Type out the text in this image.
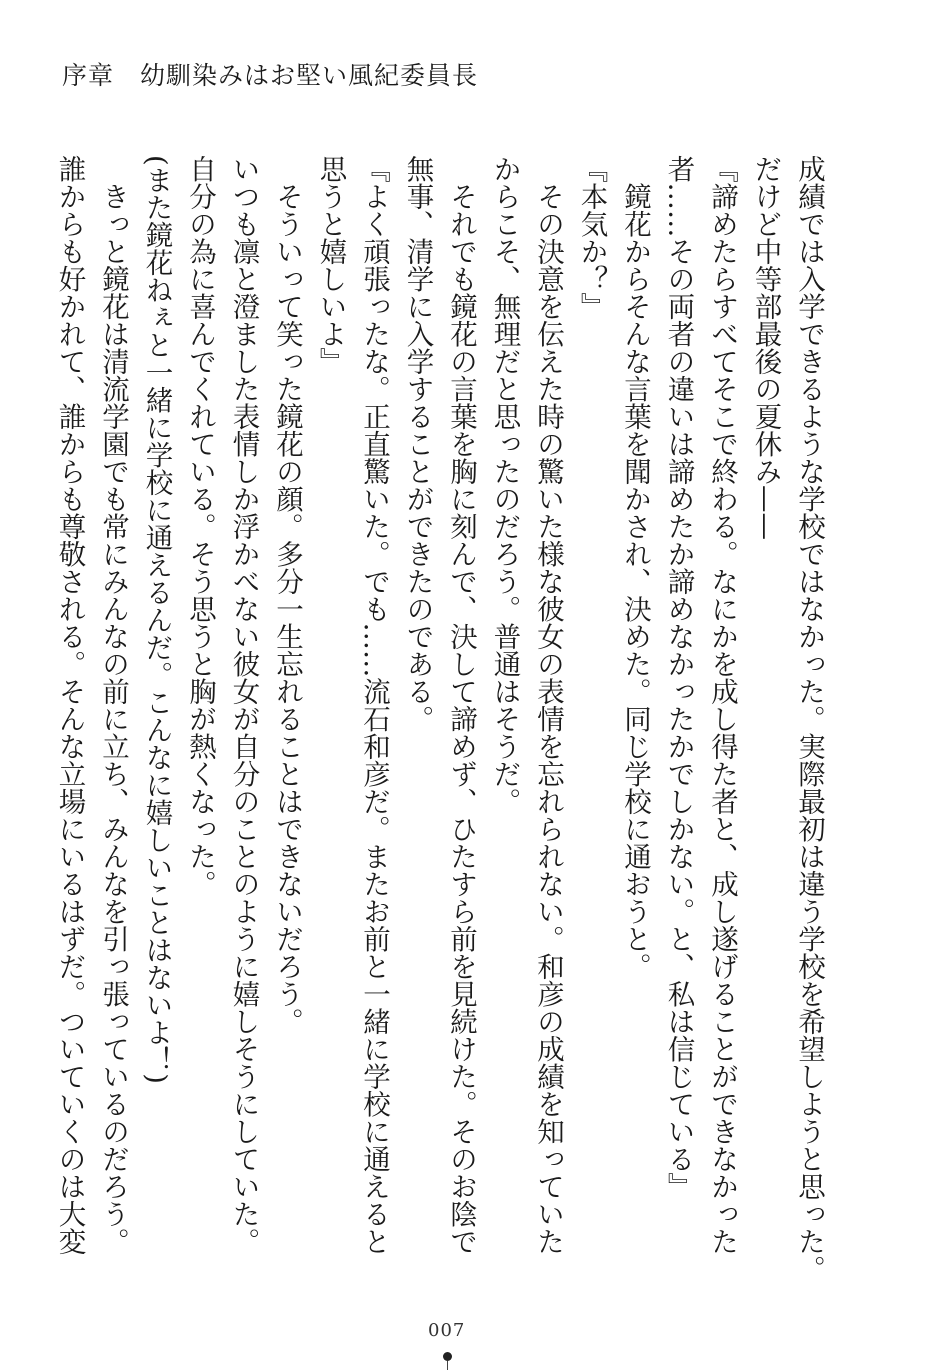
序章　幼馴染みはお堅い風紀委員長
成績では入学できるような学校ではなかった。実際最初は違う学校を希望しようと思った。
だけど中等部最後の夏休み——
『諦めたらすべてそこで終わる。なにかを成し得た者と、成し遂げることができなかった
者……その両者の違いは諦めたか諦めなかったかでしかない。と、私は信じている』
　鏡花からそんな言葉を聞かされ、決めた。同じ学校に通おうと。
『本気か？』
　その決意を伝えた時の驚いた様な彼女の表情を忘れられない。和彦の成績を知っていた
からこそ、無理だと思ったのだろう。普通はそうだ。
　それでも鏡花の言葉を胸に刻んで、決して諦めず、ひたすら前を見続けた。そのお陰で
無事、清学に入学することができたのである。
『よく頑張ったな。正直驚いた。でも……流石和彦だ。またお前と一緒に学校に通えると
思うと嬉しいよ』
　そういって笑った鏡花の顔。多分一生忘れることはできないだろう。
いつも凛と澄ました表情しか浮かべない彼女が自分のことのように嬉しそうにしていた。
自分の為に喜んでくれている。そう思うと胸が熱くなった。
(また鏡花ねぇと一緒に学校に通えるんだ。こんなに嬉しいことはないよ！)
　きっと鏡花は清流学園でも常にみんなの前に立ち、みんなを引っ張っているのだろう。
誰からも好かれて、誰からも尊敬される。そんな立場にいるはずだ。ついていくのは大変
007
